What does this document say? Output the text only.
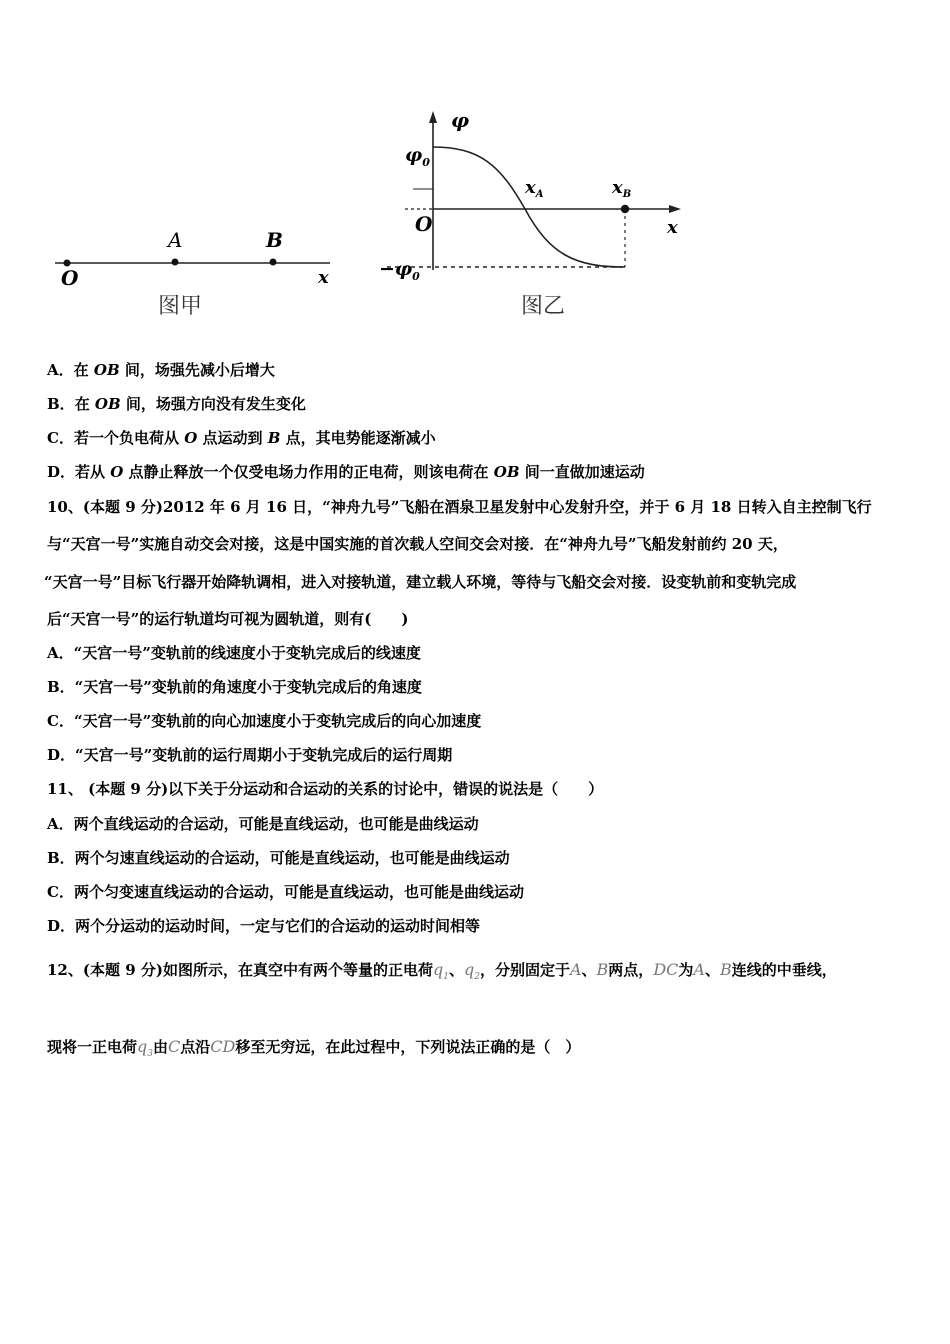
O
A	B
x
图甲
φ
$\varphi_0$
O
$-\varphi_0$
$x_A$	$x_B$
x
图乙
A．在 OB 间，场强先减小后增大
B．在 OB 间，场强方向没有发生变化
C．若一个负电荷从 O 点运动到 B 点，其电势能逐渐减小
D．若从 O 点静止释放一个仅受电场力作用的正电荷，则该电荷在 OB 间一直做加速运动
10、(本题 9 分)2012 年 6 月 16 日，“神舟九号”飞船在酒泉卫星发射中心发射升空，并于 6 月 18 日转入自主控制飞行
与“天宫一号”实施自动交会对接，这是中国实施的首次载人空间交会对接．在“神舟九号”飞船发射前约 20 天，
“天宫一号”目标飞行器开始降轨调相，进入对接轨道，建立载人环境，等待与飞船交会对接．设变轨前和变轨完成
后“天宫一号”的运行轨道均可视为圆轨道，则有(　　)
A．“天宫一号”变轨前的线速度小于变轨完成后的线速度
B．“天宫一号”变轨前的角速度小于变轨完成后的角速度
C．“天宫一号”变轨前的向心加速度小于变轨完成后的向心加速度
D．“天宫一号”变轨前的运行周期小于变轨完成后的运行周期
11、 (本题 9 分)以下关于分运动和合运动的关系的讨论中，错误的说法是（　　）
A．两个直线运动的合运动，可能是直线运动，也可能是曲线运动
B．两个匀速直线运动的合运动，可能是直线运动，也可能是曲线运动
C．两个匀变速直线运动的合运动，可能是直线运动，也可能是曲线运动
D．两个分运动的运动时间，一定与它们的合运动的运动时间相等
12、(本题 9 分)如图所示，在真空中有两个等量的正电荷$q_1$、$q_2$，分别固定于A、B两点，DC为A、B连线的中垂线，
现将一正电荷$q_3$由C点沿CD移至无穷远，在此过程中，下列说法正确的是（　）
